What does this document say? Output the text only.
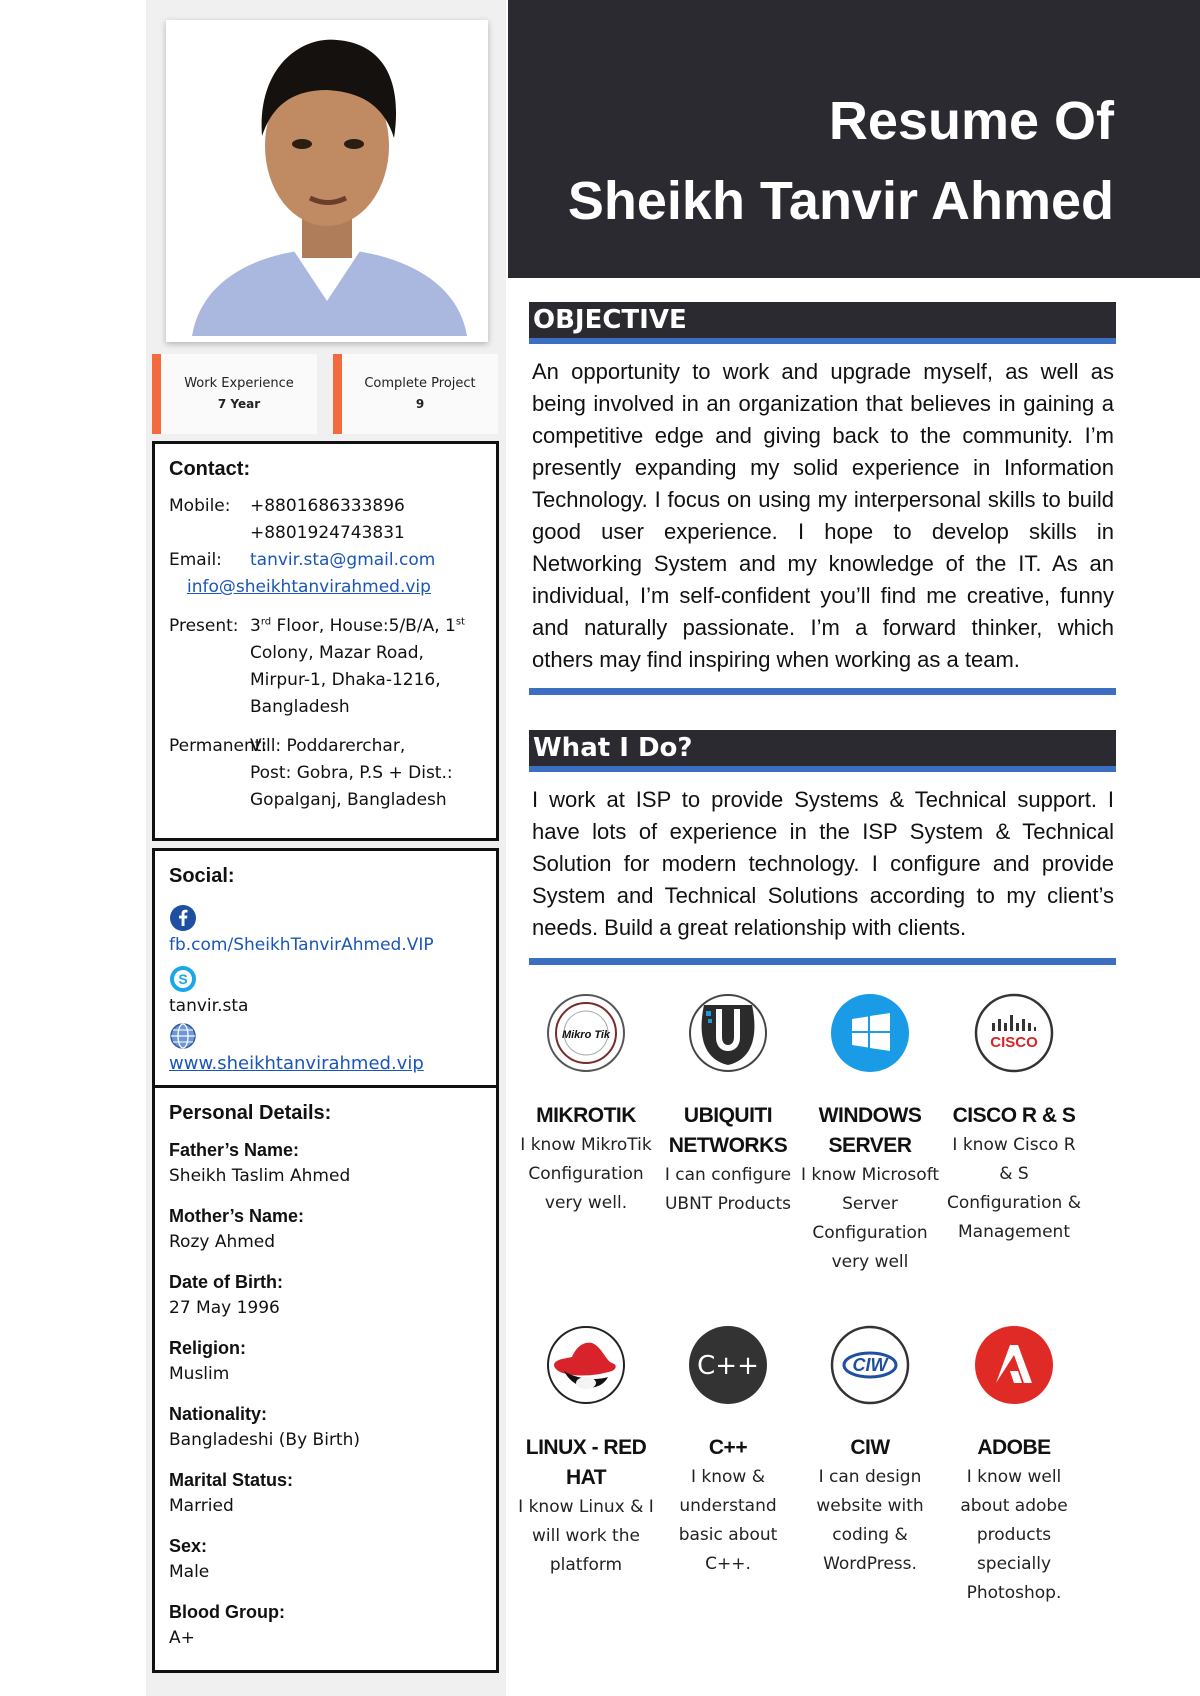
Work Experience
7 Year
Complete Project
9
Contact:
Mobile:	+8801686333896
+8801924743831
Email:	tanvir.sta@gmail.com
info@sheikhtanvirahmed.vip
Present: 3rd Floor, House:5/B/A, 1st
Colony, Mazar Road,
Mirpur-1, Dhaka-1216,
Bangladesh
Permanent:
Vill: Poddarerchar,
Post: Gobra, P.S + Dist.:
Gopalganj, Bangladesh
Social:
fb.com/SheikhTanvirAhmed.VIP
S
tanvir.sta
www.sheikhtanvirahmed.vip
Personal Details:
Father’s Name:
Sheikh Taslim Ahmed
Mother’s Name:
Rozy Ahmed
Date of Birth:
27 May 1996
Religion:
Muslim
Nationality:
Bangladeshi (By Birth)
Marital Status:
Married
Sex:
Male
Blood Group:
A+
Resume Of
Sheikh Tanvir Ahmed
OBJECTIVE
An opportunity to work and upgrade myself, as well as being involved in an organization that believes in gaining a competitive edge and giving back to the community. I’m presently expanding my solid experience in Information Technology. I focus on using my interpersonal skills to build good user experience. I hope to develop skills in Networking System and my knowledge of the IT. As an individual, I’m self-confident you’ll find me creative, funny and naturally passionate. I’m a forward thinker, which others may find inspiring when working as a team.
What I Do?
I work at ISP to provide Systems & Technical support. I have lots of experience in the ISP System & Technical Solution for modern technology. I configure and provide System and Technical Solutions according to my client’s needs. Build a great relationship with clients.
Mikro Tik
MIKROTIK
I know MikroTik Configuration very well.
UBIQUITI NETWORKS
I can configure UBNT Products
WINDOWS SERVER
I know Microsoft Server Configuration very well
CISCO
CISCO R & S
I know Cisco R & S Configuration & Management
LINUX - RED HAT
I know Linux & I will work the platform
C++
C++
I know & understand basic about C++.
CIW
CIW
I can design website with coding & WordPress.
ADOBE
I know well about adobe products specially Photoshop.
